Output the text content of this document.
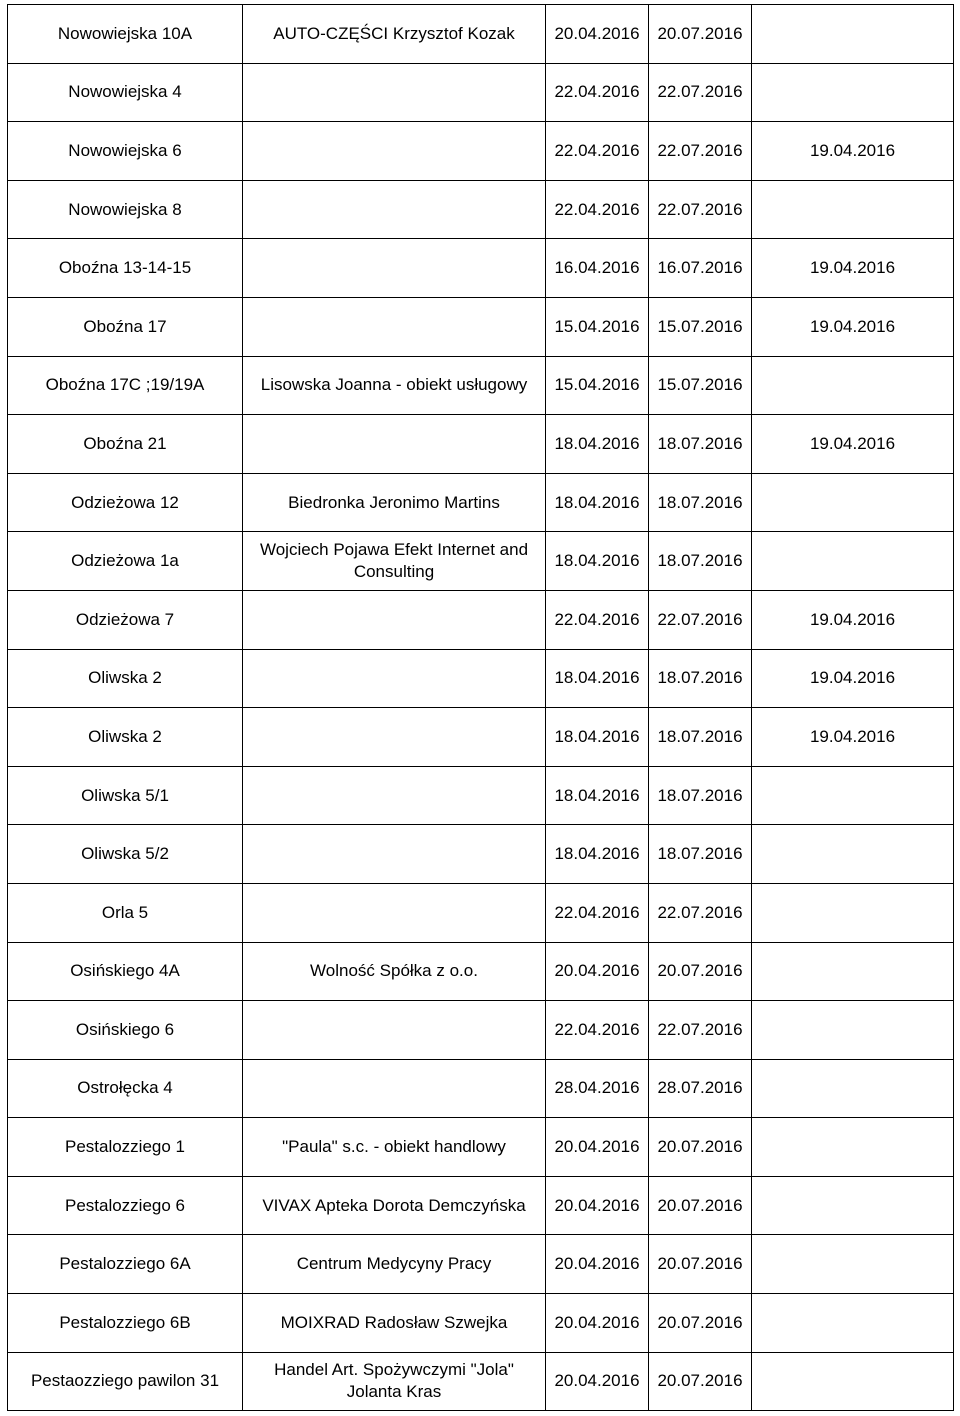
Nowowiejska 10A	AUTO-CZĘŚCI Krzysztof Kozak	20.04.2016	20.07.2016	
Nowowiejska 4		22.04.2016	22.07.2016	
Nowowiejska 6		22.04.2016	22.07.2016	19.04.2016
Nowowiejska 8		22.04.2016	22.07.2016	
Oboźna 13-14-15		16.04.2016	16.07.2016	19.04.2016
Oboźna 17		15.04.2016	15.07.2016	19.04.2016
Oboźna 17C ;19/19A	Lisowska Joanna - obiekt usługowy	15.04.2016	15.07.2016	
Oboźna 21		18.04.2016	18.07.2016	19.04.2016
Odzieżowa 12	Biedronka Jeronimo Martins	18.04.2016	18.07.2016	
Odzieżowa 1a	Wojciech Pojawa Efekt Internet and Consulting	18.04.2016	18.07.2016	
Odzieżowa 7		22.04.2016	22.07.2016	19.04.2016
Oliwska 2		18.04.2016	18.07.2016	19.04.2016
Oliwska 2		18.04.2016	18.07.2016	19.04.2016
Oliwska 5/1		18.04.2016	18.07.2016	
Oliwska 5/2		18.04.2016	18.07.2016	
Orla 5		22.04.2016	22.07.2016	
Osińskiego 4A	Wolność Spółka z o.o.	20.04.2016	20.07.2016	
Osińskiego 6		22.04.2016	22.07.2016	
Ostrołęcka 4		28.04.2016	28.07.2016	
Pestalozziego 1	"Paula" s.c. - obiekt handlowy	20.04.2016	20.07.2016	
Pestalozziego 6	VIVAX Apteka Dorota Demczyńska	20.04.2016	20.07.2016	
Pestalozziego 6A	Centrum Medycyny Pracy	20.04.2016	20.07.2016	
Pestalozziego 6B	MOIXRAD Radosław Szwejka	20.04.2016	20.07.2016	
Pestaozziego pawilon 31	Handel Art. Spożywczymi "Jola" Jolanta Kras	20.04.2016	20.07.2016	
